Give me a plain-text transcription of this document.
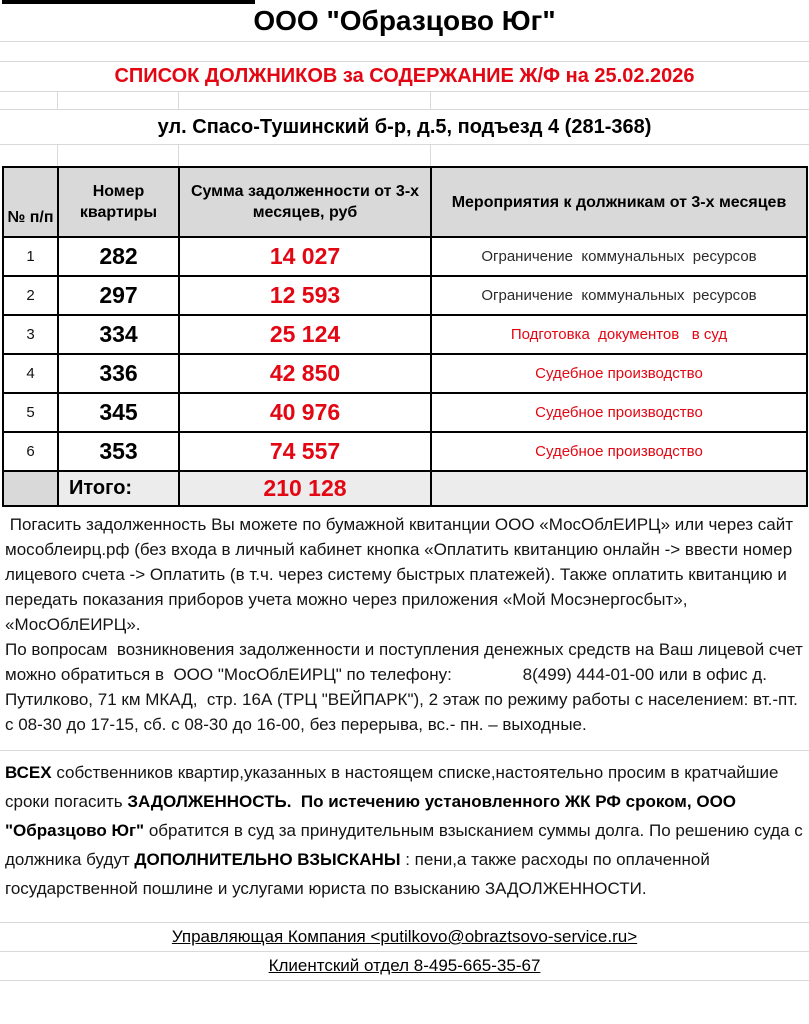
ООО "Образцово Юг"
СПИСОК ДОЛЖНИКОВ за СОДЕРЖАНИЕ Ж/Ф на 25.02.2026
ул. Спасо-Тушинский б-р, д.5, подъезд 4 (281-368)
№ п/п	Номер квартиры	Сумма задолженности от 3-х месяцев, руб	Мероприятия к должникам от 3-х месяцев
1	282	14 027	Ограничение  коммунальных  ресурсов
2	297	12 593	Ограничение  коммунальных  ресурсов
3	334	25 124	Подготовка  документов   в суд
4	336	42 850	Судебное производство
5	345	40 976	Судебное производство
6	353	74 557	Судебное производство
	Итого:	210 128	
Погасить задолженность Вы можете по бумажной квитанции ООО «МосОблЕИРЦ» или через сайт мособлеирц.рф (без входа в личный кабинет кнопка «Оплатить квитанцию онлайн -> ввести номер лицевого счета -> Оплатить (в т.ч. через систему быстрых платежей). Также оплатить квитанцию и передать показания приборов учета можно через приложения «Мой Мосэнергосбыт», «МосОблЕИРЦ».
По вопросам  возникновения задолженности и поступления денежных средств на Ваш лицевой счет можно обратиться в  ООО "МосОблЕИРЦ" по телефону:               8(499) 444-01-00 или в офис д. Путилково, 71 км МКАД,  стр. 16А (ТРЦ "ВЕЙПАРК"), 2 этаж по режиму работы с населением: вт.-пт. с 08-30 до 17-15, сб. с 08-30 до 16-00, без перерыва, вс.- пн. – выходные.
ВСЕХ собственников квартир,указанных в настоящем списке,настоятельно просим в кратчайшие сроки погасить ЗАДОЛЖЕННОСТЬ. По истечению установленного ЖК РФ сроком, ООО "Образцово Юг" обратится в суд за принудительным взысканием суммы долга. По решению суда с должника будут ДОПОЛНИТЕЛЬНО ВЗЫСКАНЫ : пени,а также расходы по оплаченной государственной пошлине и услугами юриста по взысканию ЗАДОЛЖЕННОСТИ.
Управляющая Компания <putilkovo@obraztsovo-service.ru>
Клиентский отдел 8-495-665-35-67
